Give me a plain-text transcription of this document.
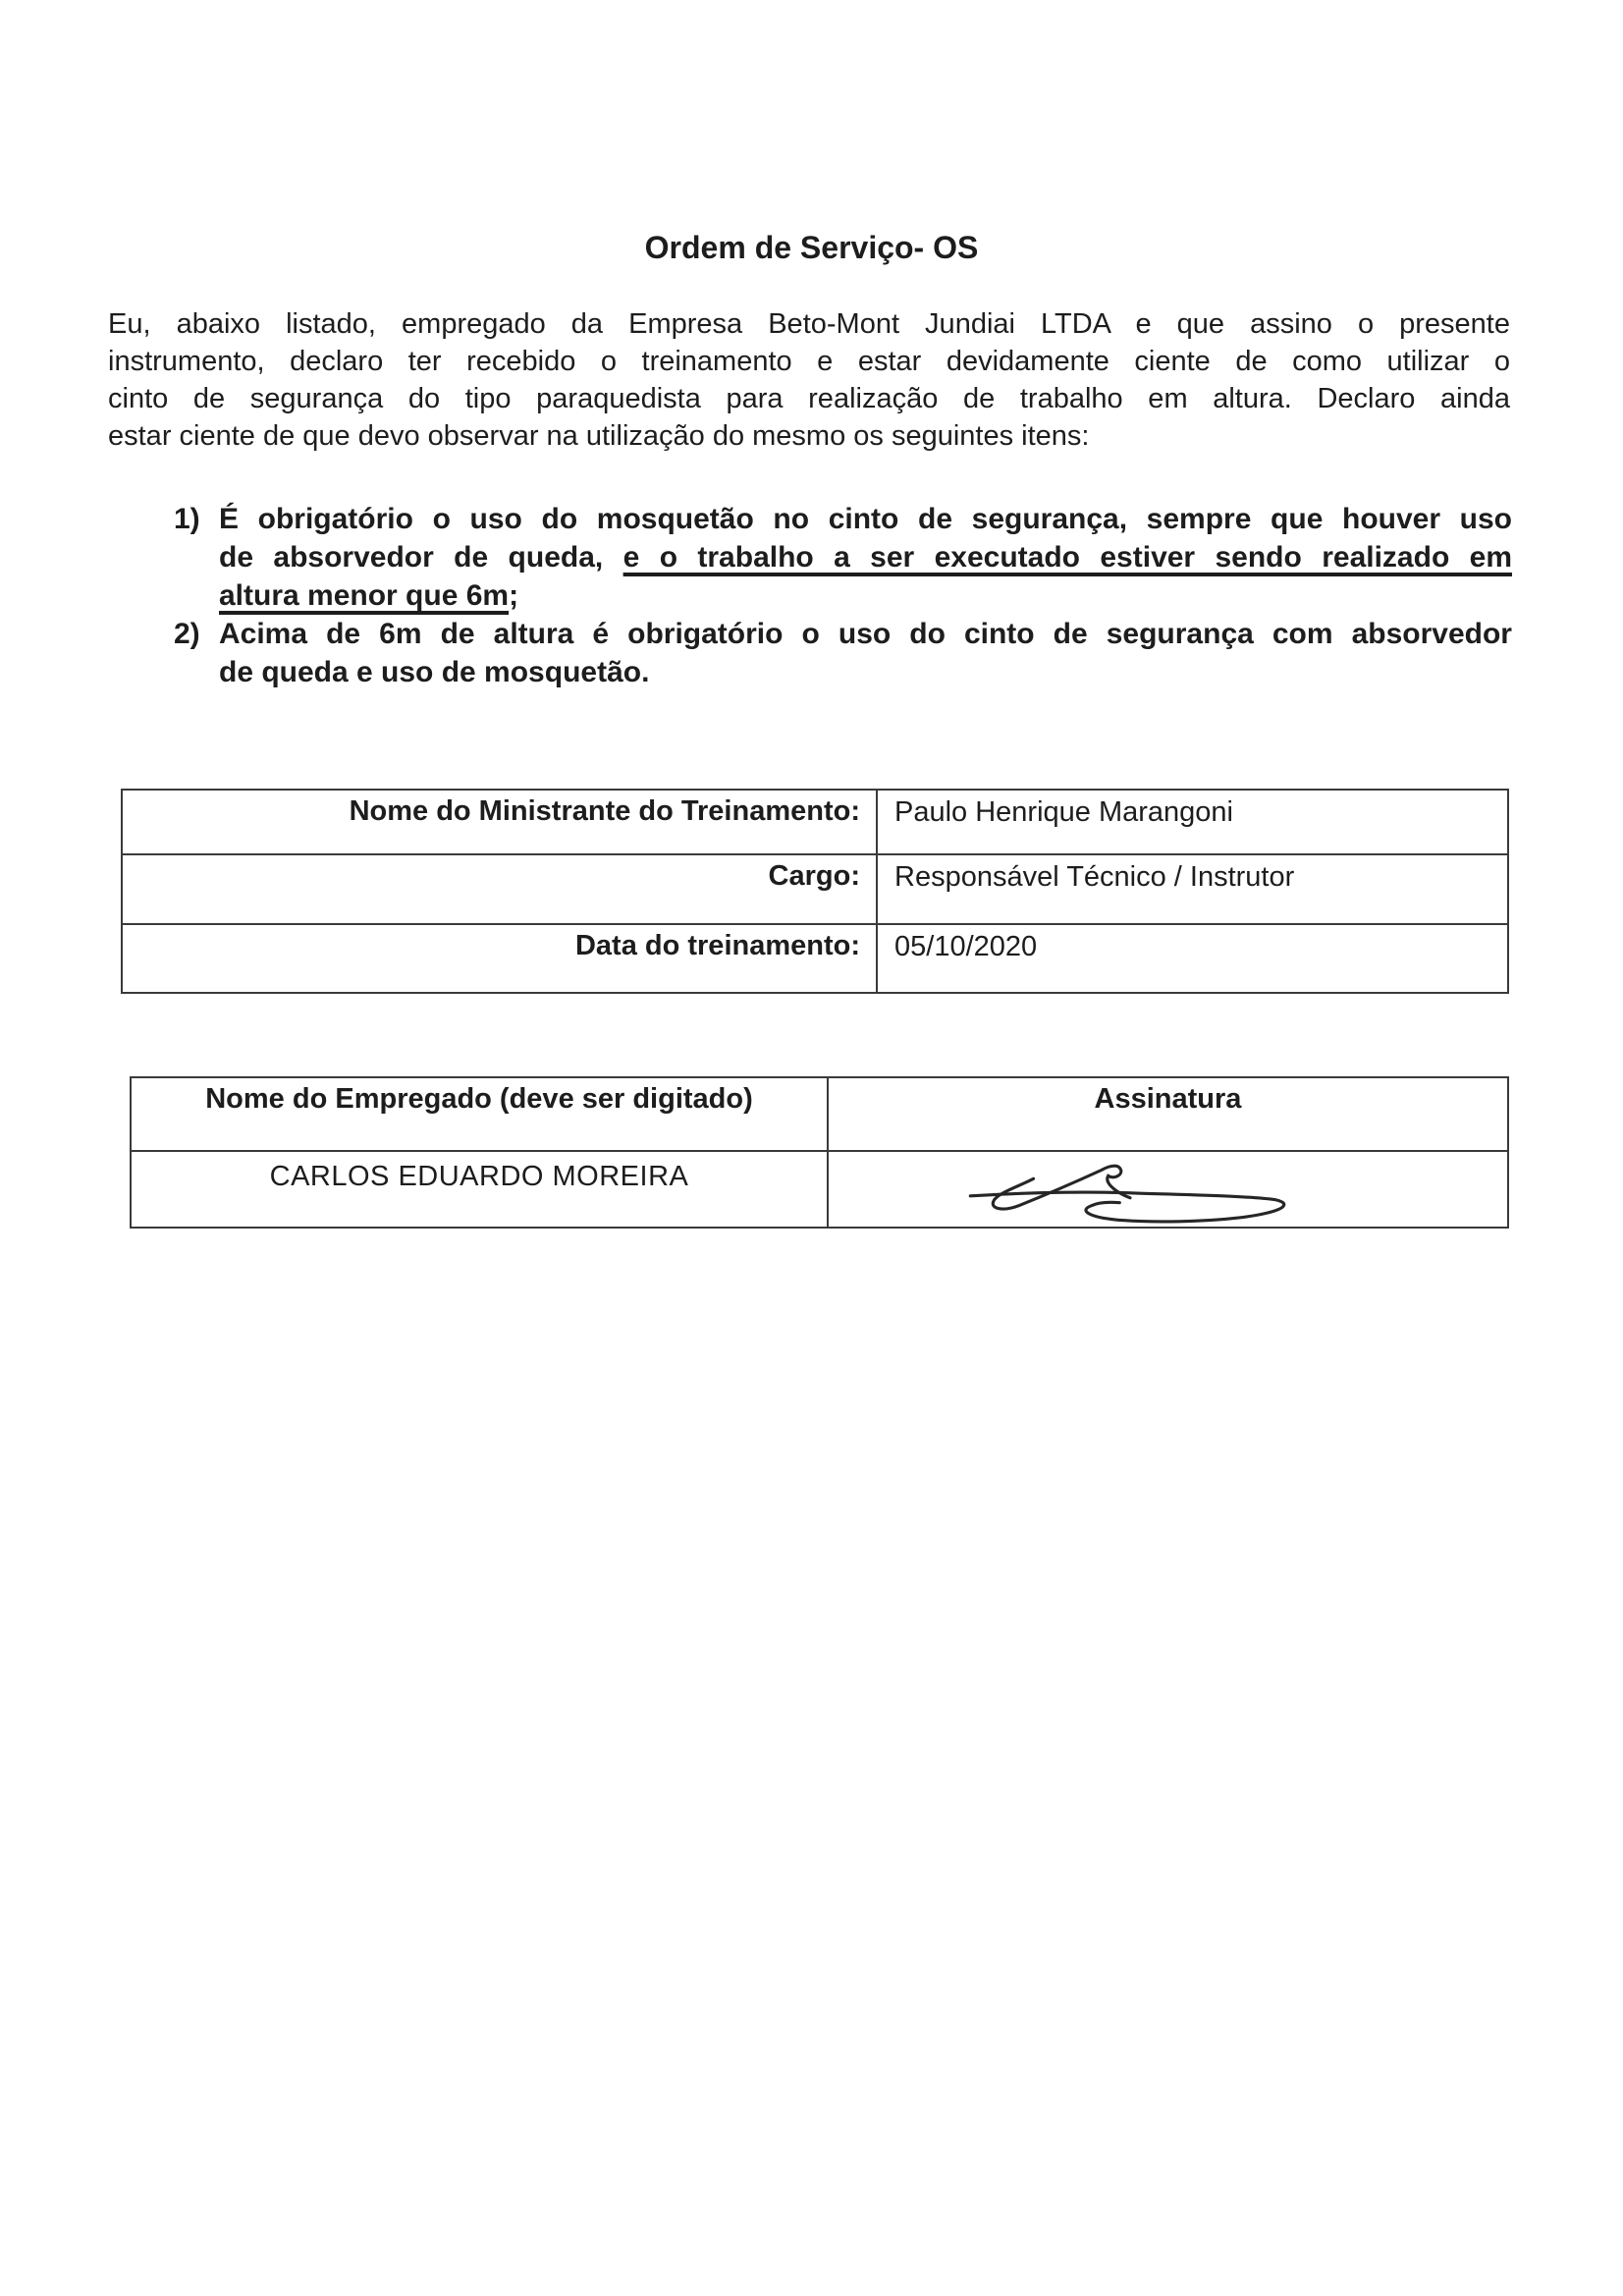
Ordem de Serviço- OS
Eu, abaixo listado, empregado da Empresa Beto-Mont Jundiai LTDA e que assino o presente
instrumento, declaro ter recebido o treinamento e estar devidamente ciente de como utilizar o
cinto de segurança do tipo paraquedista para realização de trabalho em altura. Declaro ainda
estar ciente de que devo observar na utilização do mesmo os seguintes itens:
1) É obrigatório o uso do mosquetão no cinto de segurança, sempre que houver uso
de absorvedor de queda, e o trabalho a ser executado estiver sendo realizado em
altura menor que 6m;
2) Acima de 6m de altura é obrigatório o uso do cinto de segurança com absorvedor
de queda e uso de mosquetão.
Nome do Ministrante do Treinamento:	Paulo Henrique Marangoni
Cargo:	Responsável Técnico / Instrutor
Data do treinamento:	05/10/2020
Nome do Empregado (deve ser digitado)	Assinatura
CARLOS EDUARDO MOREIRA
